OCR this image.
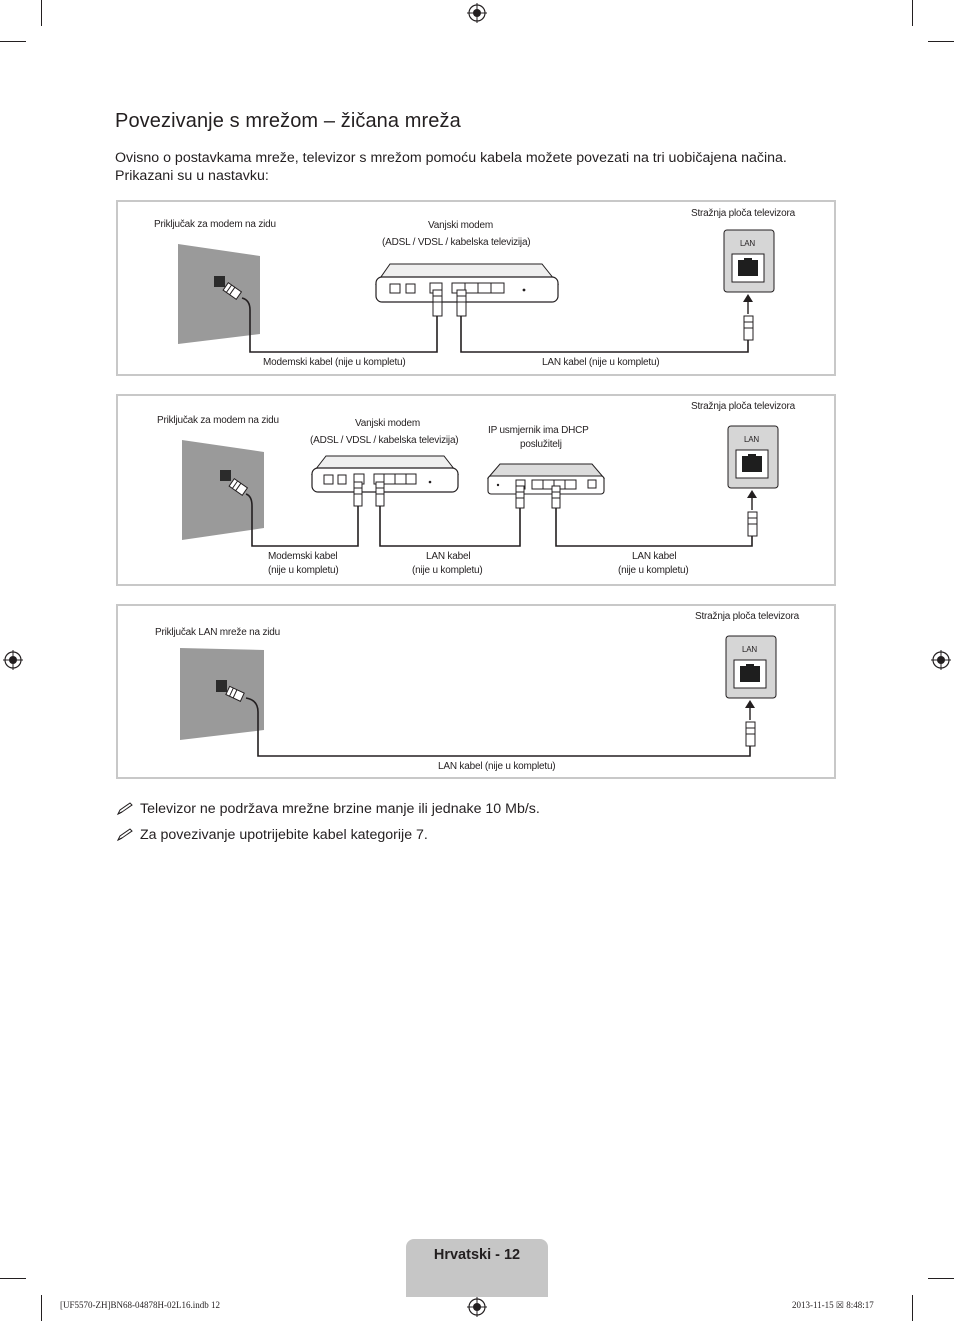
Povezivanje s mrežom – žičana mreža

Ovisno o postavkama mreže, televizor s mrežom pomoću kabela možete povezati na tri uobičajena načina. Prikazani su u nastavku:

Priključak za modem na zidu	Vanjski modem
(ADSL / VDSL / kabelska televizija)
Stražnja ploča televizora
LAN
Modemski kabel (nije u kompletu)	LAN kabel (nije u kompletu)
Priključak za modem na zidu	Vanjski modem
(ADSL / VDSL / kabelska televizija)
IP usmjernik ima DHCP
poslužitelj
Stražnja ploča televizora
LAN
Modemski kabel
(nije u kompletu)
LAN kabel
(nije u kompletu)
LAN kabel
(nije u kompletu)
Priključak LAN mreže na zidu
Stražnja ploča televizora
LAN
LAN kabel (nije u kompletu)
Televizor ne podržava mrežne brzine manje ili jednake 10 Mb/s.
Za povezivanje upotrijebite kabel kategorije 7.
Hrvatski - 12
[UF5570-ZH]BN68-04878H-02L16.indb 12	2013-11-15 ☒ 8:48:17
